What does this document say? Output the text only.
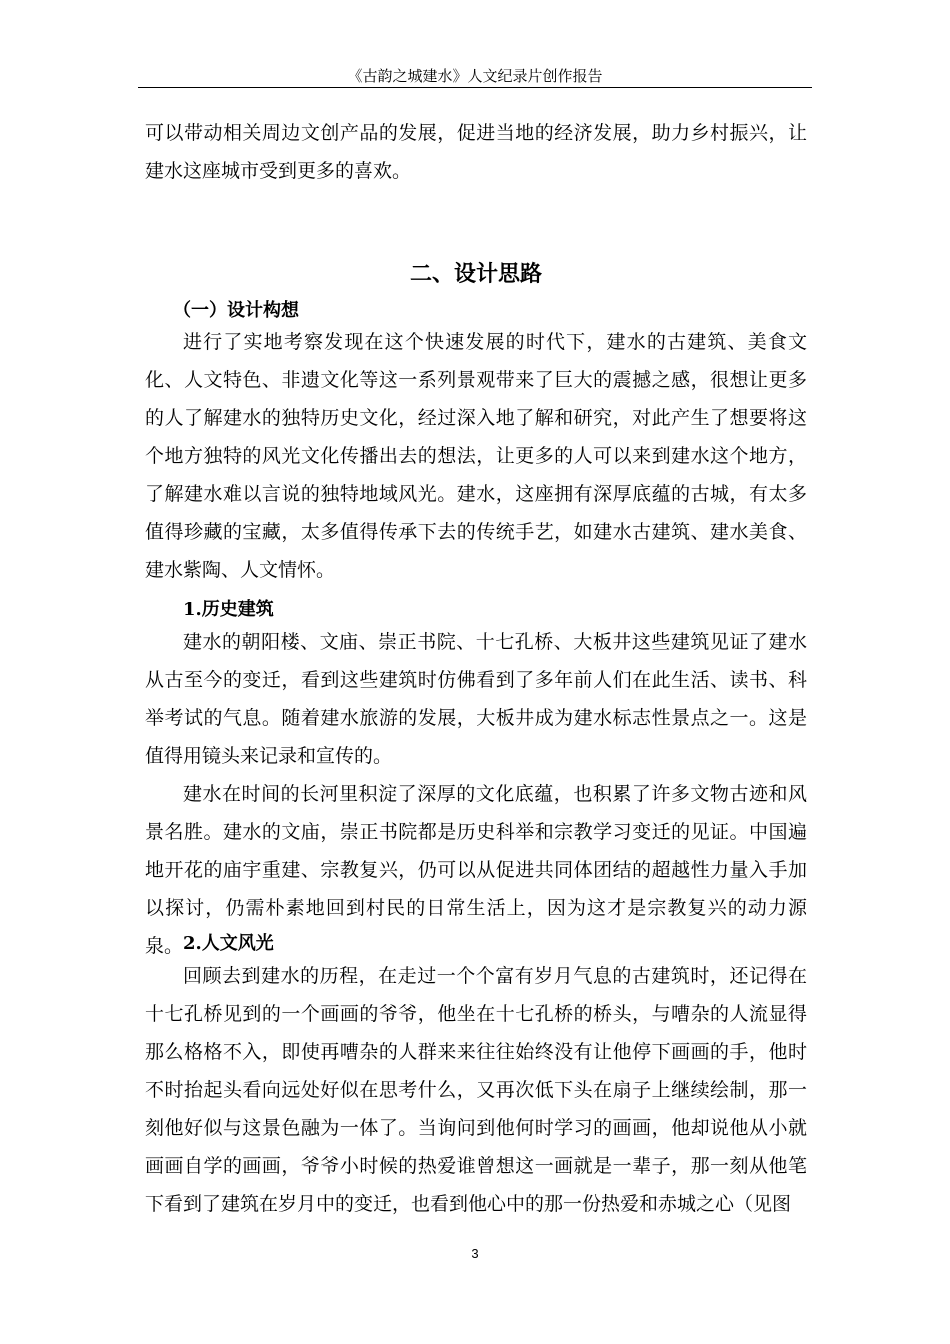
《古韵之城建水》人文纪录片创作报告

可以带动相关周边文创产品的发展，促进当地的经济发展，助力乡村振兴，让建水这座城市受到更多的喜欢。

二、设计思路
（一）设计构想

进行了实地考察发现在这个快速发展的时代下，建水的古建筑、美食文化、人文特色、非遗文化等这一系列景观带来了巨大的震撼之感，很想让更多的人了解建水的独特历史文化，经过深入地了解和研究，对此产生了想要将这个地方独特的风光文化传播出去的想法，让更多的人可以来到建水这个地方，了解建水难以言说的独特地域风光。建水，这座拥有深厚底蕴的古城，有太多值得珍藏的宝藏，太多值得传承下去的传统手艺，如建水古建筑、建水美食、建水紫陶、人文情怀。

1.历史建筑

建水的朝阳楼、文庙、崇正书院、十七孔桥、大板井这些建筑见证了建水从古至今的变迁，看到这些建筑时仿佛看到了多年前人们在此生活、读书、科举考试的气息。随着建水旅游的发展，大板井成为建水标志性景点之一。这是值得用镜头来记录和宣传的。

建水在时间的长河里积淀了深厚的文化底蕴，也积累了许多文物古迹和风景名胜。建水的文庙，崇正书院都是历史科举和宗教学习变迁的见证。中国遍地开花的庙宇重建、宗教复兴，仍可以从促进共同体团结的超越性力量入手加以探讨，仍需朴素地回到村民的日常生活上，因为这才是宗教复兴的动力源泉。 2.人文风光

回顾去到建水的历程，在走过一个个富有岁月气息的古建筑时，还记得在十七孔桥见到的一个画画的爷爷，他坐在十七孔桥的桥头，与嘈杂的人流显得那么格格不入，即使再嘈杂的人群来来往往始终没有让他停下画画的手，他时不时抬起头看向远处好似在思考什么，又再次低下头在扇子上继续绘制，那一刻他好似与这景色融为一体了。当询问到他何时学习的画画，他却说他从小就画画自学的画画，爷爷小时候的热爱谁曾想这一画就是一辈子，那一刻从他笔下看到了建筑在岁月中的变迁，也看到他心中的那一份热爱和赤城之心（见图

3
